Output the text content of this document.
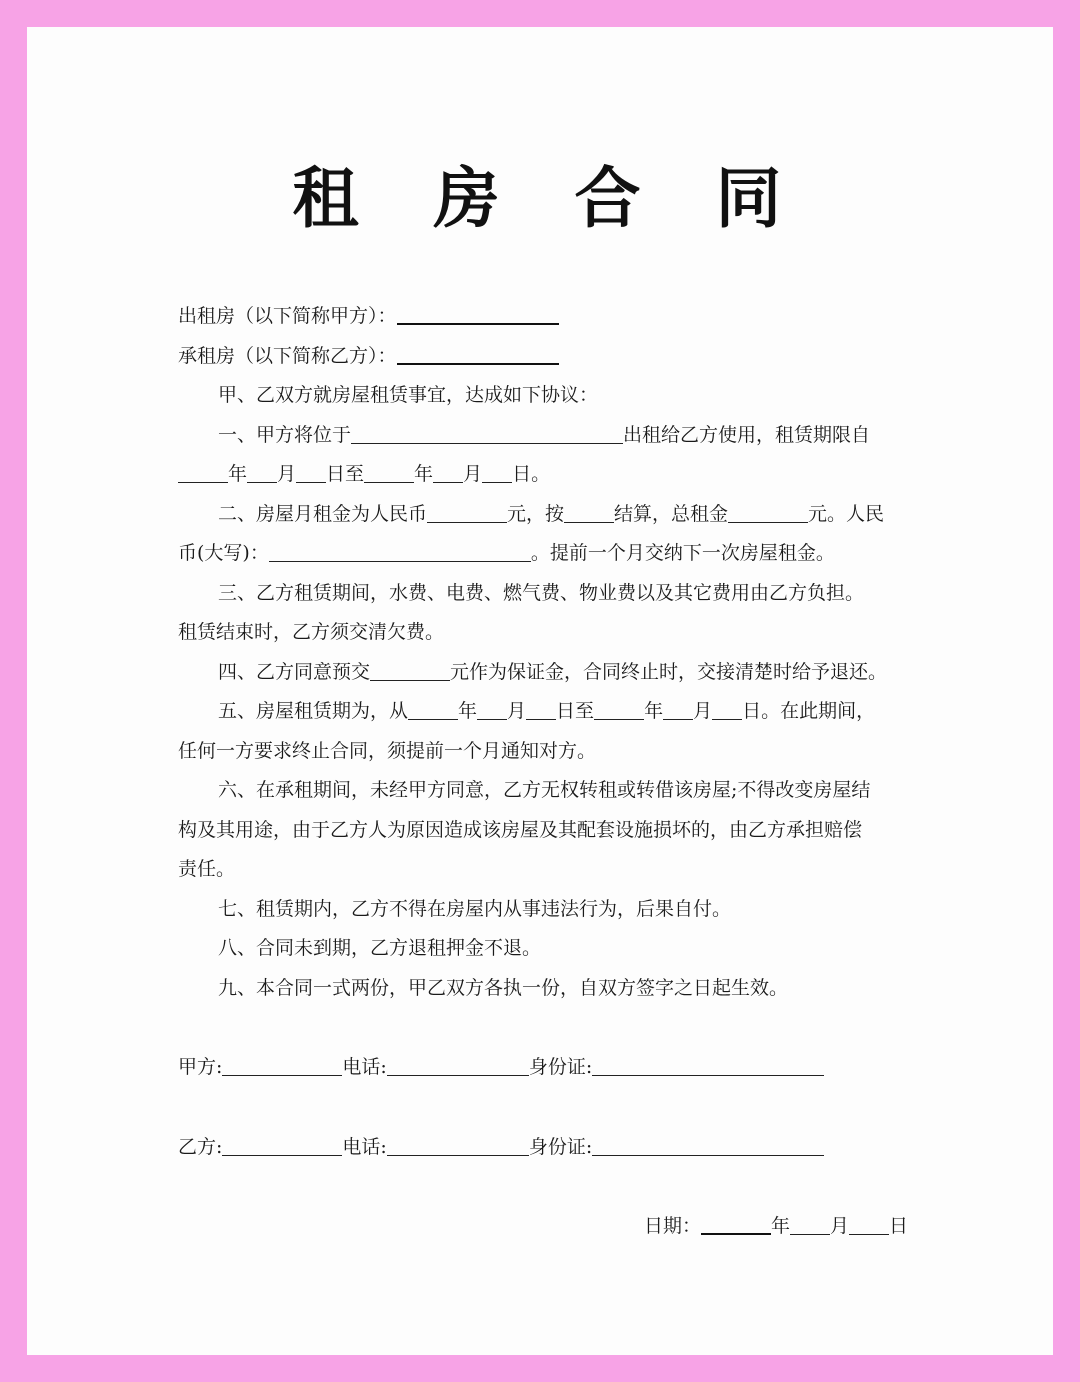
租 房 合 同
出租房（以下简称甲方）：
承租房（以下简称乙方）：
甲、乙双方就房屋租赁事宜，达成如下协议：
一、甲方将位于	出租给乙方使用，租赁期限自
年 月 日至	年 月 日。
二、房屋月租金为人民币	元，按	结算，总租金	元。人民
币(大写)：	。提前一个月交纳下一次房屋租金。
三、乙方租赁期间，水费、电费、燃气费、物业费以及其它费用由乙方负担。
租赁结束时，乙方须交清欠费。
四、乙方同意预交	元作为保证金，合同终止时，交接清楚时给予退还。
五、房屋租赁期为，从	年 月 日至	年 月 日。在此期间，
任何一方要求终止合同，须提前一个月通知对方。
六、在承租期间，未经甲方同意，乙方无权转租或转借该房屋;不得改变房屋结
构及其用途，由于乙方人为原因造成该房屋及其配套设施损坏的，由乙方承担赔偿
责任。
七、租赁期内，乙方不得在房屋内从事违法行为，后果自付。
八、合同未到期，乙方退租押金不退。
九、本合同一式两份，甲乙双方各执一份，自双方签字之日起生效。
甲方:	电话:	身份证:
乙方:	电话:	身份证:
日期：	年 月 日
